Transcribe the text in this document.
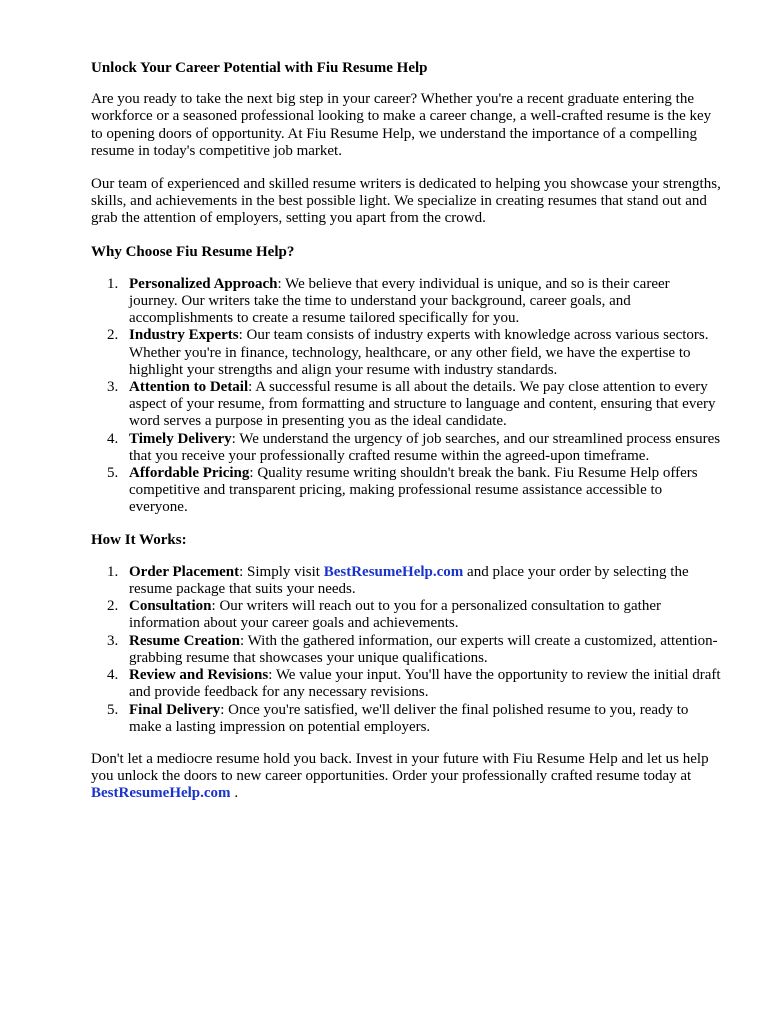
Unlock Your Career Potential with Fiu Resume Help

Are you ready to take the next big step in your career? Whether you're a recent graduate entering the workforce or a seasoned professional looking to make a career change, a well-crafted resume is the key to opening doors of opportunity. At Fiu Resume Help, we understand the importance of a compelling resume in today's competitive job market.

Our team of experienced and skilled resume writers is dedicated to helping you showcase your strengths, skills, and achievements in the best possible light. We specialize in creating resumes that stand out and grab the attention of employers, setting you apart from the crowd.

Why Choose Fiu Resume Help?
1. Personalized Approach: We believe that every individual is unique, and so is their career journey. Our writers take the time to understand your background, career goals, and accomplishments to create a resume tailored specifically for you.
2. Industry Experts: Our team consists of industry experts with knowledge across various sectors. Whether you're in finance, technology, healthcare, or any other field, we have the expertise to highlight your strengths and align your resume with industry standards.
3. Attention to Detail: A successful resume is all about the details. We pay close attention to every aspect of your resume, from formatting and structure to language and content, ensuring that every word serves a purpose in presenting you as the ideal candidate.
4. Timely Delivery: We understand the urgency of job searches, and our streamlined process ensures that you receive your professionally crafted resume within the agreed-upon timeframe.
5. Affordable Pricing: Quality resume writing shouldn't break the bank. Fiu Resume Help offers competitive and transparent pricing, making professional resume assistance accessible to everyone.
How It Works:
1. Order Placement: Simply visit BestResumeHelp.com and place your order by selecting the resume package that suits your needs.
2. Consultation: Our writers will reach out to you for a personalized consultation to gather information about your career goals and achievements.
3. Resume Creation: With the gathered information, our experts will create a customized, attention-grabbing resume that showcases your unique qualifications.
4. Review and Revisions: We value your input. You'll have the opportunity to review the initial draft and provide feedback for any necessary revisions.
5. Final Delivery: Once you're satisfied, we'll deliver the final polished resume to you, ready to make a lasting impression on potential employers.

Don't let a mediocre resume hold you back. Invest in your future with Fiu Resume Help and let us help you unlock the doors to new career opportunities. Order your professionally crafted resume today at BestResumeHelp.com .
